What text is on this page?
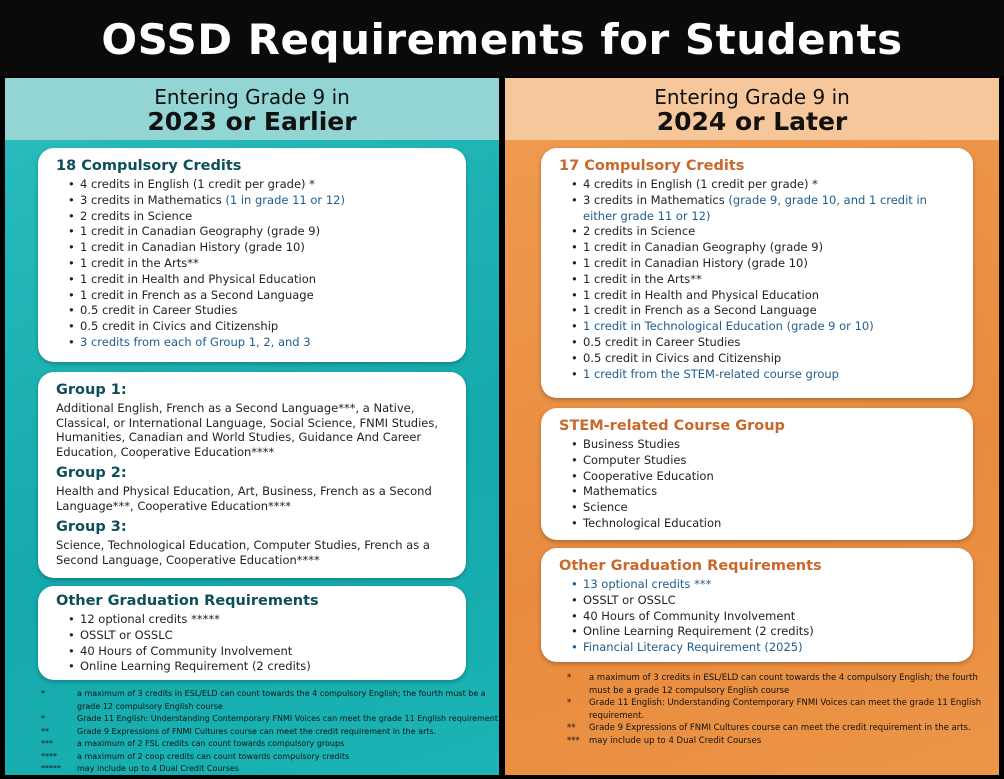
OSSD Requirements for Students
Entering Grade 9 in
2023 or Earlier
18 Compulsory Credits
• 4 credits in English (1 credit per grade) *
• 3 credits in Mathematics (1 in grade 11 or 12)
• 2 credits in Science
• 1 credit in Canadian Geography (grade 9)
• 1 credit in Canadian History (grade 10)
• 1 credit in the Arts**
• 1 credit in Health and Physical Education
• 1 credit in French as a Second Language
• 0.5 credit in Career Studies
• 0.5 credit in Civics and Citizenship
• 3 credits from each of Group 1, 2, and 3
Group 1:
Additional English, French as a Second Language***, a Native, Classical, or International Language, Social Science, FNMI Studies, Humanities, Canadian and World Studies, Guidance And Career Education, Cooperative Education****
Group 2:
Health and Physical Education, Art, Business, French as a Second Language***, Cooperative Education****
Group 3:
Science, Technological Education, Computer Studies, French as a Second Language, Cooperative Education****
Other Graduation Requirements
• 12 optional credits *****
• OSSLT or OSSLC
• 40 Hours of Community Involvement
• Online Learning Requirement (2 credits)
*	a maximum of 3 credits in ESL/ELD can count towards the 4 compulsory English; the fourth must be a grade 12 compulsory English course
*	Grade 11 English: Understanding Contemporary FNMI Voices can meet the grade 11 English requirement.
**	Grade 9 Expressions of FNMI Cultures course can meet the credit requirement in the arts.
***	a maximum of 2 FSL credits can count towards compulsory groups
****	a maximum of 2 coop credits can count towards compulsory credits
*****	may include up to 4 Dual Credit Courses
Entering Grade 9 in
2024 or Later
17 Compulsory Credits
• 4 credits in English (1 credit per grade) *
• 3 credits in Mathematics (grade 9, grade 10, and 1 credit in either grade 11 or 12)
• 2 credits in Science
• 1 credit in Canadian Geography (grade 9)
• 1 credit in Canadian History (grade 10)
• 1 credit in the Arts**
• 1 credit in Health and Physical Education
• 1 credit in French as a Second Language
• 1 credit in Technological Education (grade 9 or 10)
• 0.5 credit in Career Studies
• 0.5 credit in Civics and Citizenship
• 1 credit from the STEM-related course group
STEM-related Course Group
• Business Studies
• Computer Studies
• Cooperative Education
• Mathematics
• Science
• Technological Education
Other Graduation Requirements
• 13 optional credits ***
• OSSLT or OSSLC
• 40 Hours of Community Involvement
• Online Learning Requirement (2 credits)
• Financial Literacy Requirement (2025)
*	a maximum of 3 credits in ESL/ELD can count towards the 4 compulsory English; the fourth must be a grade 12 compulsory English course
*	Grade 11 English: Understanding Contemporary FNMI Voices can meet the grade 11 English requirement.
**	Grade 9 Expressions of FNMI Cultures course can meet the credit requirement in the arts.
***	may include up to 4 Dual Credit Courses
